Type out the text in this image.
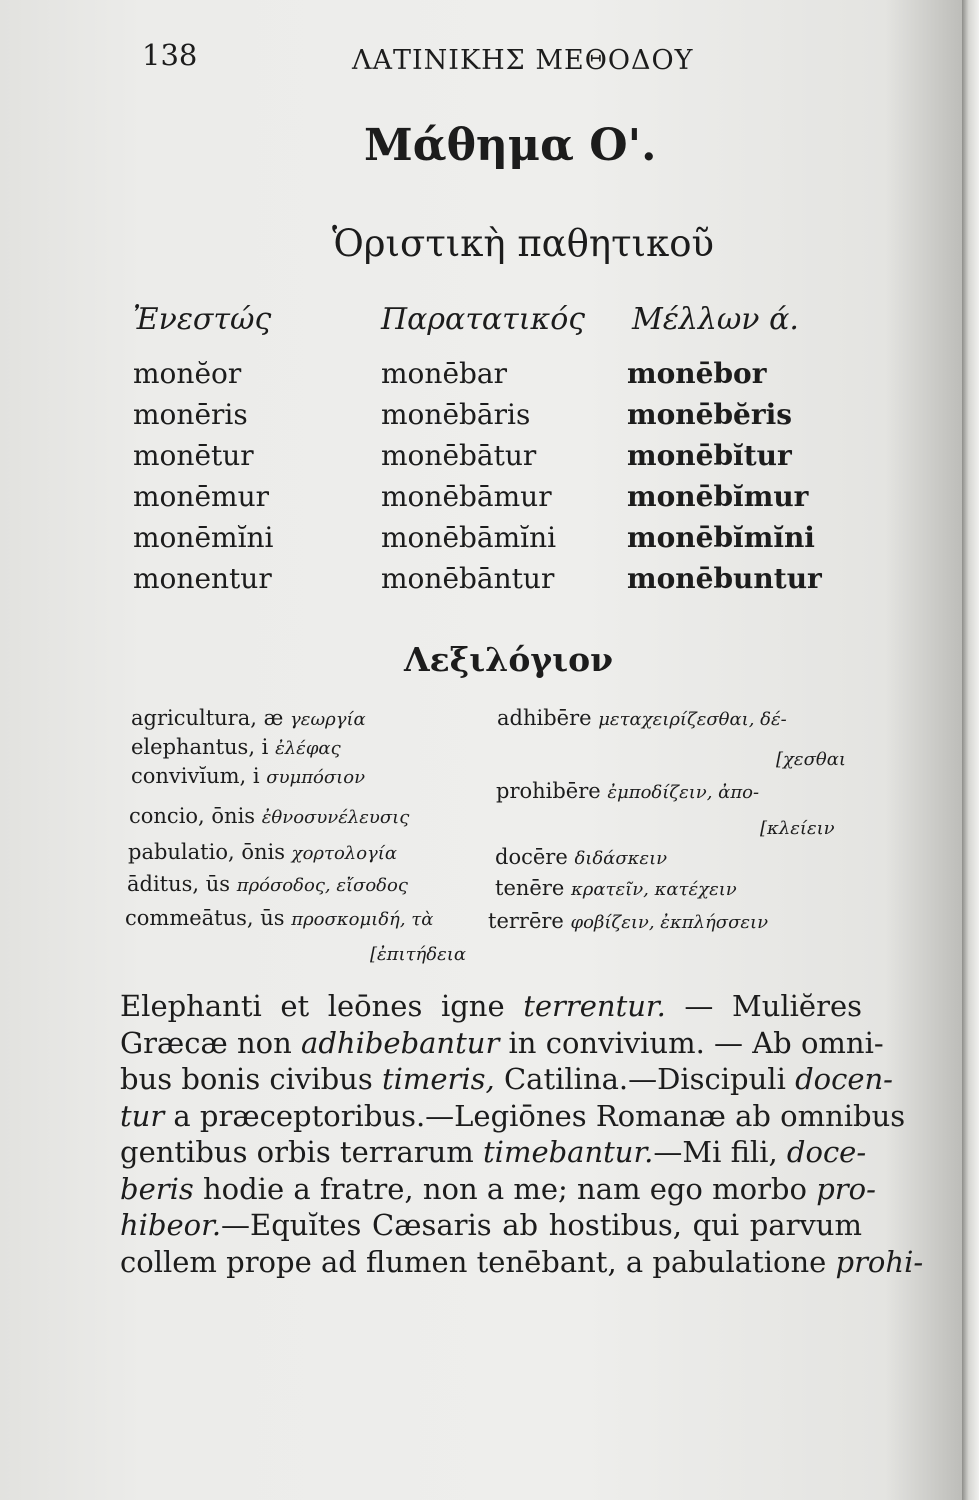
138	ΛΑΤΙΝΙΚΗΣ ΜΕΘΟΔΟΥ
Μάθημα Ο'.
Ὁριστικὴ παθητικοῦ
Ἐνεστώς	Παρατατικός Μέλλων ά.
monĕor
monēris
monētur
monēmur
monēmĭni
monentur
monēbar
monēbāris
monēbātur
monēbāmur
monēbāmĭni
monēbāntur
monēbor
monēbĕris
monēbĭtur
monēbĭmur
monēbĭmĭni
monēbuntur
Λεξιλόγιον
agricultura, æ γεωργία
elephantus, i ἐλέφας
convivĭum, i συμπόσιον
concio, ōnis ἐθνοσυνέλευσις
pabulatio, ōnis χορτολογία
āditus, ūs πρόσοδος, εἴσοδος
commeātus, ūs προσκομιδή, τὰ
[ἐπιτήδεια
adhibēre μεταχειρίζεσθαι, δέ-
[χεσθαι
prohibēre ἐμποδίζειν, ἀπο-
[κλείειν
docēre διδάσκειν
tenēre κρατεῖν, κατέχειν
terrēre φοβίζειν, ἐκπλήσσειν
Elephanti et leōnes igne terrentur. — Muliĕres
Græcæ non adhibebantur in convivium. — Ab omni-
bus bonis civibus timeris, Catilina.—Discipuli docen-
tur a præceptoribus.—Legiōnes Romanæ ab omnibus
gentibus orbis terrarum timebantur.—Mi fili, doce-
beris hodie a fratre, non a me; nam ego morbo pro-
hibeor.—Equĭtes Cæsaris ab hostibus, qui parvum
collem prope ad flumen tenēbant, a pabulatione prohi-
